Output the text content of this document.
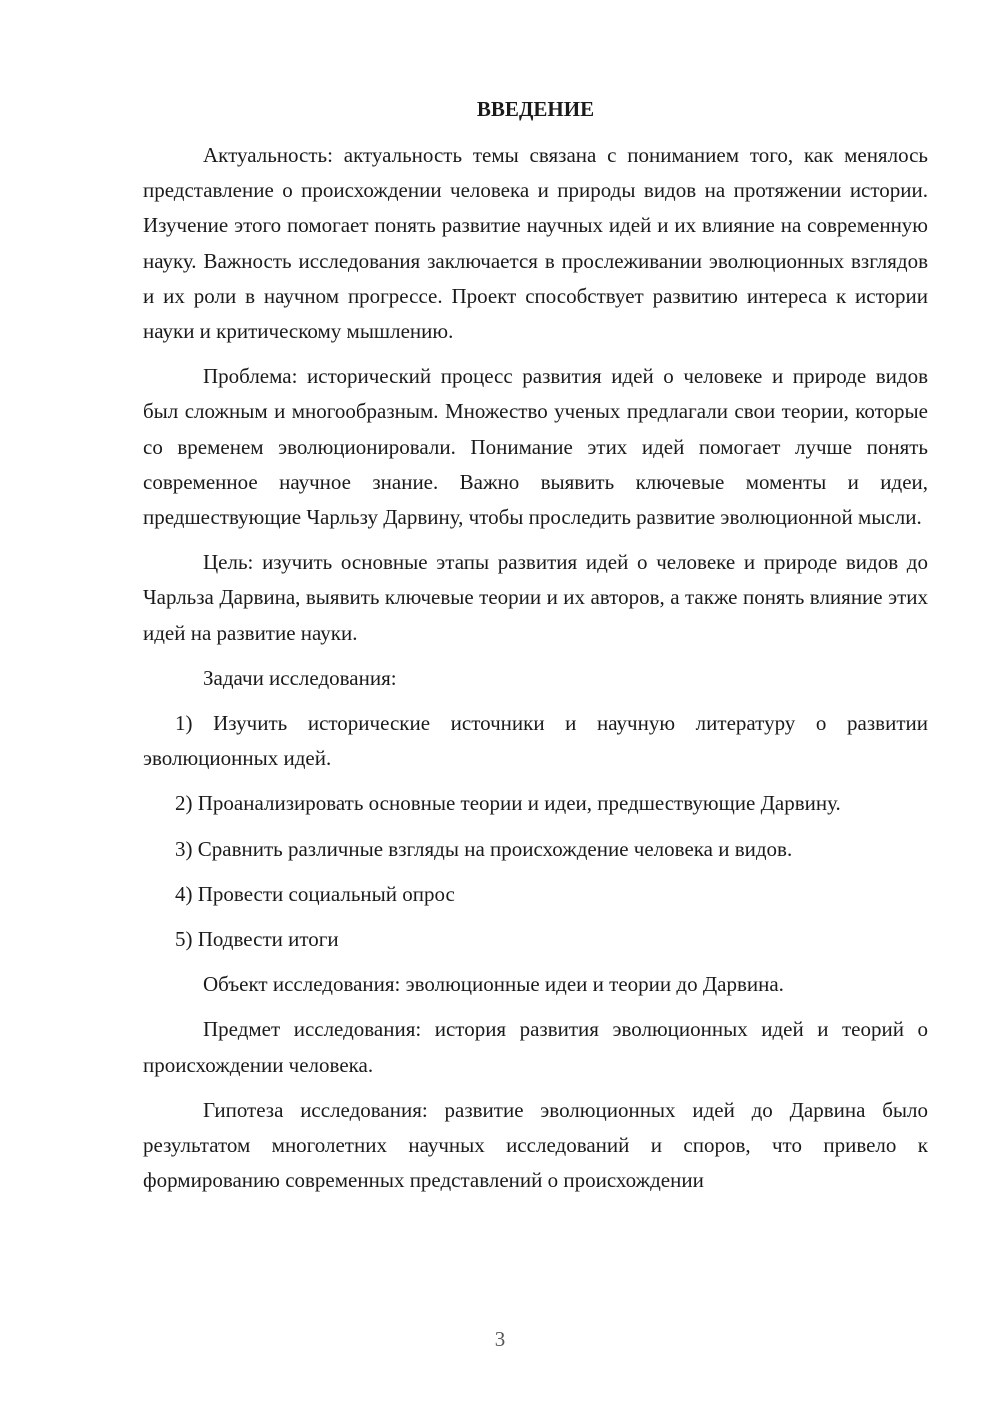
ВВЕДЕНИЕ

Актуальность: актуальность темы связана с пониманием того, как менялось представление о происхождении человека и природы видов на протяжении истории. Изучение этого помогает понять развитие научных идей и их влияние на современную науку. Важность исследования заключается в прослеживании эволюционных взглядов и их роли в научном прогрессе. Проект способствует развитию интереса к истории науки и критическому мышлению.

Проблема: исторический процесс развития идей о человеке и природе видов был сложным и многообразным. Множество ученых предлагали свои теории, которые со временем эволюционировали. Понимание этих идей помогает лучше понять современное научное знание. Важно выявить ключевые моменты и идеи, предшествующие Чарльзу Дарвину, чтобы проследить развитие эволюционной мысли.

Цель: изучить основные этапы развития идей о человеке и природе видов до Чарльза Дарвина, выявить ключевые теории и их авторов, а также понять влияние этих идей на развитие науки.

Задачи исследования:

1) Изучить исторические источники и научную литературу о развитии эволюционных идей.

2) Проанализировать основные теории и идеи, предшествующие Дарвину.

3) Сравнить различные взгляды на происхождение человека и видов.

4) Провести социальный опрос

5) Подвести итоги

Объект исследования: эволюционные идеи и теории до Дарвина.

Предмет исследования: история развития эволюционных идей и теорий о происхождении человека.

Гипотеза исследования: развитие эволюционных идей до Дарвина было результатом многолетних научных исследований и споров, что привело к формированию современных представлений о происхождении

3
